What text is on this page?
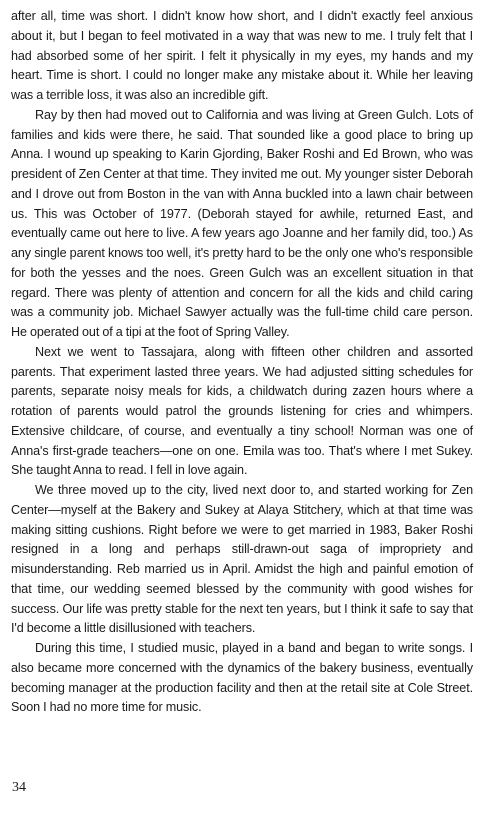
after all, time was short. I didn't know how short, and I didn't exactly feel anxious about it, but I began to feel motivated in a way that was new to me. I truly felt that I had absorbed some of her spirit. I felt it physically in my eyes, my hands and my heart. Time is short. I could no longer make any mistake about it. While her leaving was a terrible loss, it was also an incredible gift.

Ray by then had moved out to California and was living at Green Gulch. Lots of families and kids were there, he said. That sounded like a good place to bring up Anna. I wound up speaking to Karin Gjording, Baker Roshi and Ed Brown, who was president of Zen Center at that time. They invited me out. My younger sister Deborah and I drove out from Boston in the van with Anna buckled into a lawn chair between us. This was October of 1977. (Deborah stayed for awhile, returned East, and eventually came out here to live. A few years ago Joanne and her family did, too.) As any single parent knows too well, it's pretty hard to be the only one who's responsible for both the yesses and the noes. Green Gulch was an excellent situation in that regard. There was plenty of attention and concern for all the kids and child caring was a community job. Michael Sawyer actually was the full-time child care person. He operated out of a tipi at the foot of Spring Valley.

Next we went to Tassajara, along with fifteen other children and assorted parents. That experiment lasted three years. We had adjusted sitting schedules for parents, separate noisy meals for kids, a childwatch during zazen hours where a rotation of parents would patrol the grounds listening for cries and whimpers. Extensive childcare, of course, and eventually a tiny school! Norman was one of Anna's first-grade teachers—one on one. Emila was too. That's where I met Sukey. She taught Anna to read. I fell in love again.

We three moved up to the city, lived next door to, and started working for Zen Center—myself at the Bakery and Sukey at Alaya Stitchery, which at that time was making sitting cushions. Right before we were to get married in 1983, Baker Roshi resigned in a long and perhaps still-drawn-out saga of impropriety and misunderstanding. Reb married us in April. Amidst the high and painful emotion of that time, our wedding seemed blessed by the community with good wishes for success. Our life was pretty stable for the next ten years, but I think it safe to say that I'd become a little disillusioned with teachers.

During this time, I studied music, played in a band and began to write songs. I also became more concerned with the dynamics of the bakery business, eventually becoming manager at the production facility and then at the retail site at Cole Street. Soon I had no more time for music.

34
